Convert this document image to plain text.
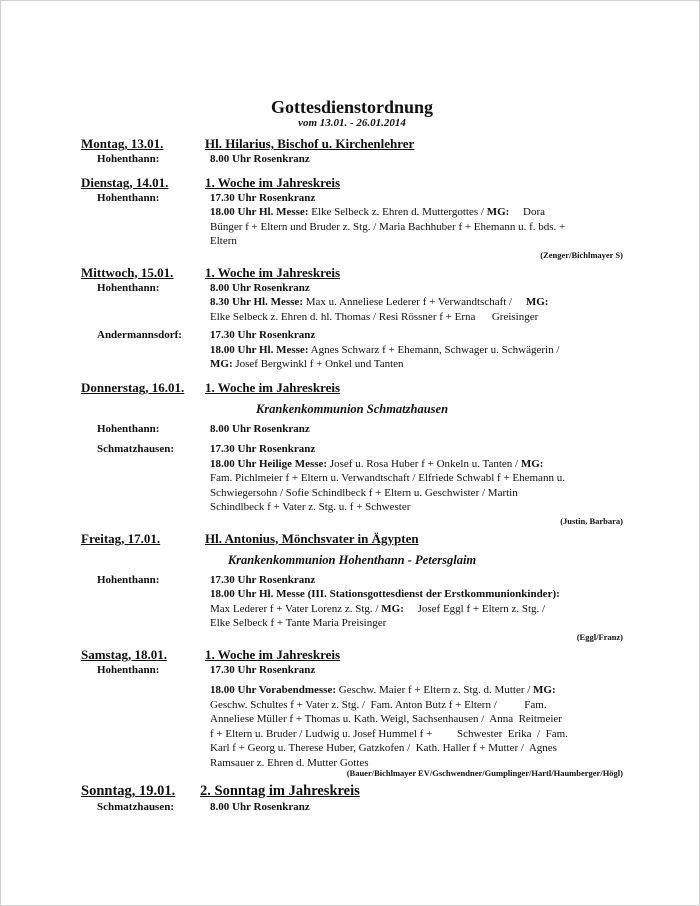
Gottesdienstordnung
vom 13.01. - 26.01.2014
Montag, 13.01.	Hl. Hilarius, Bischof u. Kirchenlehrer
Hohenthann:	8.00 Uhr Rosenkranz
Dienstag, 14.01.	1. Woche im Jahreskreis
Hohenthann:	17.30 Uhr Rosenkranz
18.00 Uhr Hl. Messe: Elke Selbeck z. Ehren d. Muttergottes / MG: Dora
Bünger f + Eltern und Bruder z. Stg. / Maria Bachhuber f + Ehemann u. f. bds. +
Eltern
(Zenger/Bichlmayer S)
Mittwoch, 15.01.	1. Woche im Jahreskreis
Hohenthann:	8.00 Uhr Rosenkranz
8.30 Uhr Hl. Messe: Max u. Anneliese Lederer f + Verwandtschaft / MG:
Elke Selbeck z. Ehren d. hl. Thomas / Resi Rössner f + Erna      Greisinger
Andermannsdorf:	17.30 Uhr Rosenkranz
18.00 Uhr Hl. Messe: Agnes Schwarz f + Ehemann, Schwager u. Schwägerin /
MG: Josef Bergwinkl f + Onkel und Tanten
Donnerstag, 16.01.	1. Woche im Jahreskreis
Krankenkommunion Schmatzhausen
Hohenthann:	8.00 Uhr Rosenkranz
Schmatzhausen:	17.30 Uhr Rosenkranz
18.00 Uhr Heilige Messe: Josef u. Rosa Huber f + Onkeln u. Tanten / MG:
Fam. Pichlmeier f + Eltern u. Verwandtschaft / Elfriede Schwabl f + Ehemann u.
Schwiegersohn / Sofie Schindlbeck f + Eltern u. Geschwister / Martin
Schindlbeck f + Vater z. Stg. u. f + Schwester
(Justin, Barbara)
Freitag, 17.01.	Hl. Antonius, Mönchsvater in Ägypten
Krankenkommunion Hohenthann - Petersglaim
Hohenthann:	17.30 Uhr Rosenkranz
18.00 Uhr Hl. Messe (III. Stationsgottesdienst der Erstkommunionkinder):
Max Lederer f + Vater Lorenz z. Stg. / MG: Josef Eggl f + Eltern z. Stg. /
Elke Selbeck f + Tante Maria Preisinger
(Eggl/Franz)
Samstag, 18.01.	1. Woche im Jahreskreis
Hohenthann:	17.30 Uhr Rosenkranz
18.00 Uhr Vorabendmesse: Geschw. Maier f + Eltern z. Stg. d. Mutter / MG:
Geschw. Schultes f + Vater z. Stg. /  Fam. Anton Butz f + Eltern /          Fam.
Anneliese Müller f + Thomas u. Kath. Weigl, Sachsenhausen /  Anna  Reitmeier
f + Eltern u. Bruder / Ludwig u. Josef Hummel f +         Schwester  Erika  /  Fam.
Karl f + Georg u. Therese Huber, Gatzkofen /  Kath. Haller f + Mutter /  Agnes
Ramsauer z. Ehren d. Mutter Gottes
(Bauer/Bichlmayer EV/Gschwendner/Gumplinger/Hartl/Haumberger/Högl)
Sonntag, 19.01.	2. Sonntag im Jahreskreis
Schmatzhausen:	8.00 Uhr Rosenkranz
